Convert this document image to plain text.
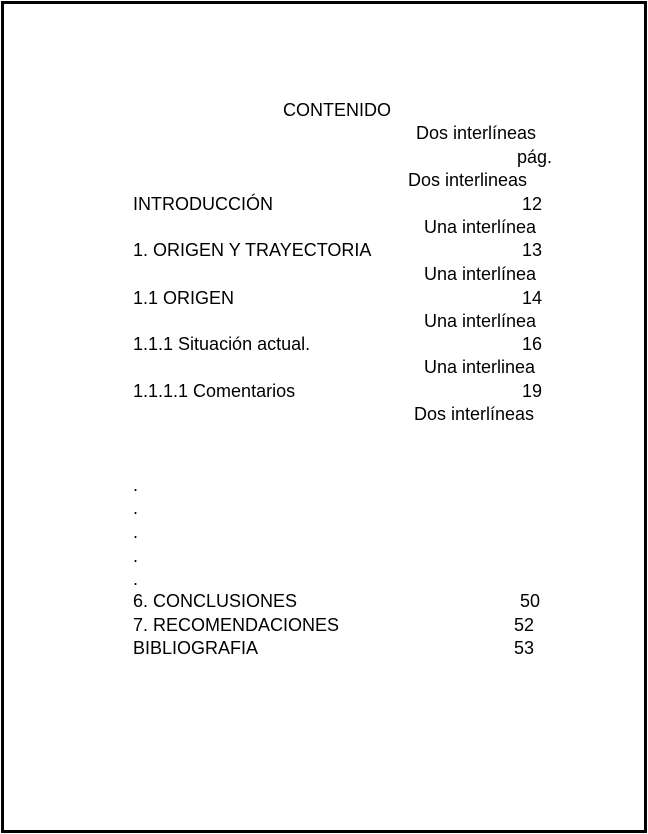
CONTENIDO
Dos interlíneas
pág.
Dos interlineas
INTRODUCCIÓN	12
Una interlínea
1. ORIGEN Y TRAYECTORIA	13
Una interlínea
1.1 ORIGEN	14
Una interlínea
1.1.1 Situación actual.	16
Una interlinea
1.1.1.1 Comentarios	19
Dos interlíneas
.
.
.
.
.
6. CONCLUSIONES	50
7. RECOMENDACIONES	52
BIBLIOGRAFIA	53
